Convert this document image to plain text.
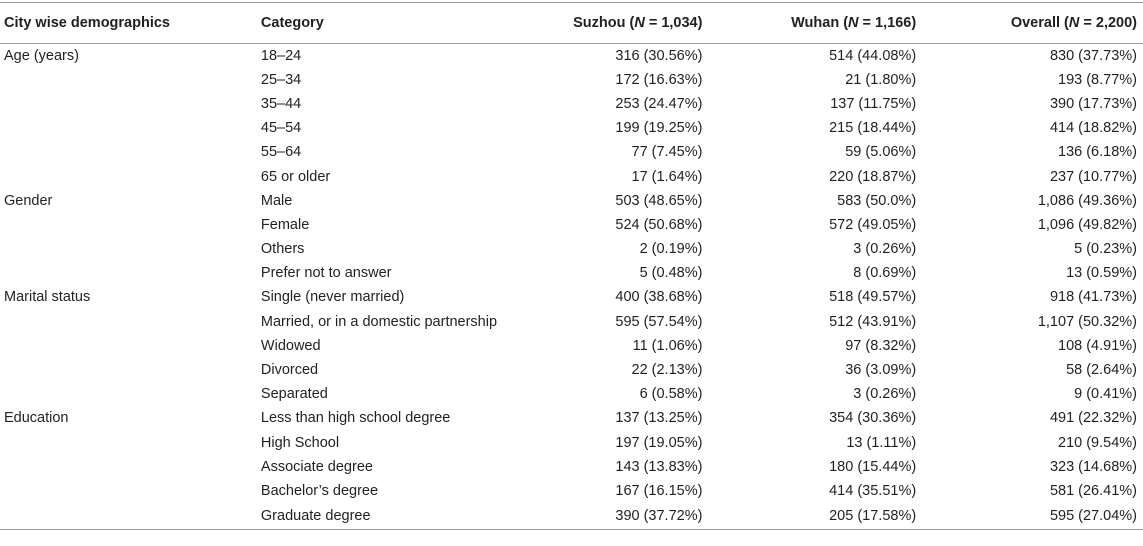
City wise demographics	Category	Suzhou (N = 1,034)	Wuhan (N = 1,166)	Overall (N = 2,200)
Age (years)	18–24	316 (30.56%)	514 (44.08%)	830 (37.73%)
	25–34	172 (16.63%)	21 (1.80%)	193 (8.77%)
	35–44	253 (24.47%)	137 (11.75%)	390 (17.73%)
	45–54	199 (19.25%)	215 (18.44%)	414 (18.82%)
	55–64	77 (7.45%)	59 (5.06%)	136 (6.18%)
	65 or older	17 (1.64%)	220 (18.87%)	237 (10.77%)
Gender	Male	503 (48.65%)	583 (50.0%)	1,086 (49.36%)
	Female	524 (50.68%)	572 (49.05%)	1,096 (49.82%)
	Others	2 (0.19%)	3 (0.26%)	5 (0.23%)
	Prefer not to answer	5 (0.48%)	8 (0.69%)	13 (0.59%)
Marital status	Single (never married)	400 (38.68%)	518 (49.57%)	918 (41.73%)
	Married, or in a domestic partnership	595 (57.54%)	512 (43.91%)	1,107 (50.32%)
	Widowed	11 (1.06%)	97 (8.32%)	108 (4.91%)
	Divorced	22 (2.13%)	36 (3.09%)	58 (2.64%)
	Separated	6 (0.58%)	3 (0.26%)	9 (0.41%)
Education	Less than high school degree	137 (13.25%)	354 (30.36%)	491 (22.32%)
	High School	197 (19.05%)	13 (1.11%)	210 (9.54%)
	Associate degree	143 (13.83%)	180 (15.44%)	323 (14.68%)
	Bachelor’s degree	167 (16.15%)	414 (35.51%)	581 (26.41%)
	Graduate degree	390 (37.72%)	205 (17.58%)	595 (27.04%)
